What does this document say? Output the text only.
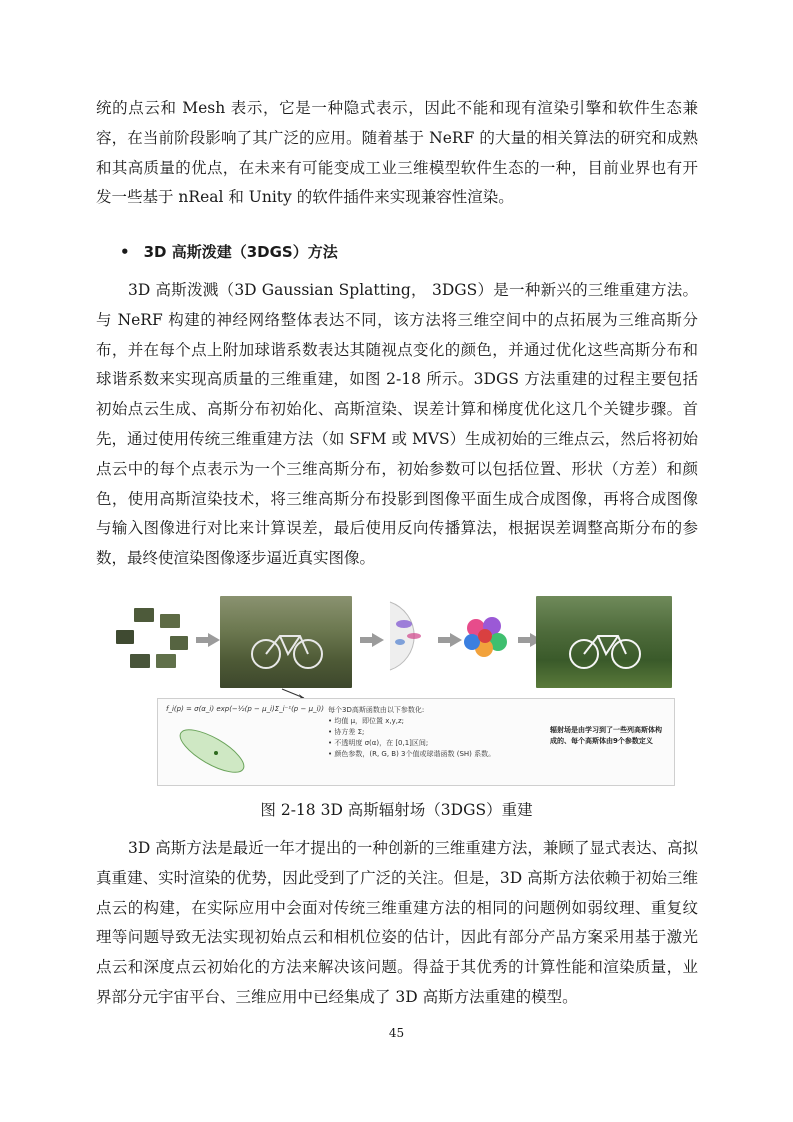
统的点云和 Mesh 表示，它是一种隐式表示，因此不能和现有渲染引擎和软件生态兼容，在当前阶段影响了其广泛的应用。随着基于 NeRF 的大量的相关算法的研究和成熟和其高质量的优点，在未来有可能变成工业三维模型软件生态的一种，目前业界也有开发一些基于 nReal 和 Unity 的软件插件来实现兼容性渲染。

• 3D 高斯泼建（3DGS）方法

3D 高斯泼溅（3D Gaussian Splatting， 3DGS）是一种新兴的三维重建方法。与 NeRF 构建的神经网络整体表达不同，该方法将三维空间中的点拓展为三维高斯分布，并在每个点上附加球谐系数表达其随视点变化的颜色，并通过优化这些高斯分布和球谐系数来实现高质量的三维重建，如图 2-18 所示。3DGS 方法重建的过程主要包括初始点云生成、高斯分布初始化、高斯渲染、误差计算和梯度优化这几个关键步骤。首先，通过使用传统三维重建方法（如 SFM 或 MVS）生成初始的三维点云，然后将初始点云中的每个点表示为一个三维高斯分布，初始参数可以包括位置、形状（方差）和颜色，使用高斯渲染技术，将三维高斯分布投影到图像平面生成合成图像，再将合成图像与输入图像进行对比来计算误差，最后使用反向传播算法，根据误差调整高斯分布的参数，最终使渲染图像逐步逼近真实图像。

f_i(p) = σ(α_i) exp(−½(p − μ_i)Σ_i⁻¹(p − μ_i)) 每个3D高斯函数由以下参数化:
• 均值 μ，即位置 x,y,z;
• 协方差 Σ;
• 不透明度 σ(α)，在 [0,1]区间;
• 颜色参数，(R, G, B) 3个值或球谐函数 (SH) 系数。
辐射场是由学习到了一些列高斯体构成的、每个高斯体由9个参数定义
图 2-18 3D 高斯辐射场（3DGS）重建

3D 高斯方法是最近一年才提出的一种创新的三维重建方法，兼顾了显式表达、高拟真重建、实时渲染的优势，因此受到了广泛的关注。但是，3D 高斯方法依赖于初始三维点云的构建，在实际应用中会面对传统三维重建方法的相同的问题例如弱纹理、重复纹理等问题导致无法实现初始点云和相机位姿的估计，因此有部分产品方案采用基于激光点云和深度点云初始化的方法来解决该问题。得益于其优秀的计算性能和渲染质量，业界部分元宇宙平台、三维应用中已经集成了 3D 高斯方法重建的模型。

45
